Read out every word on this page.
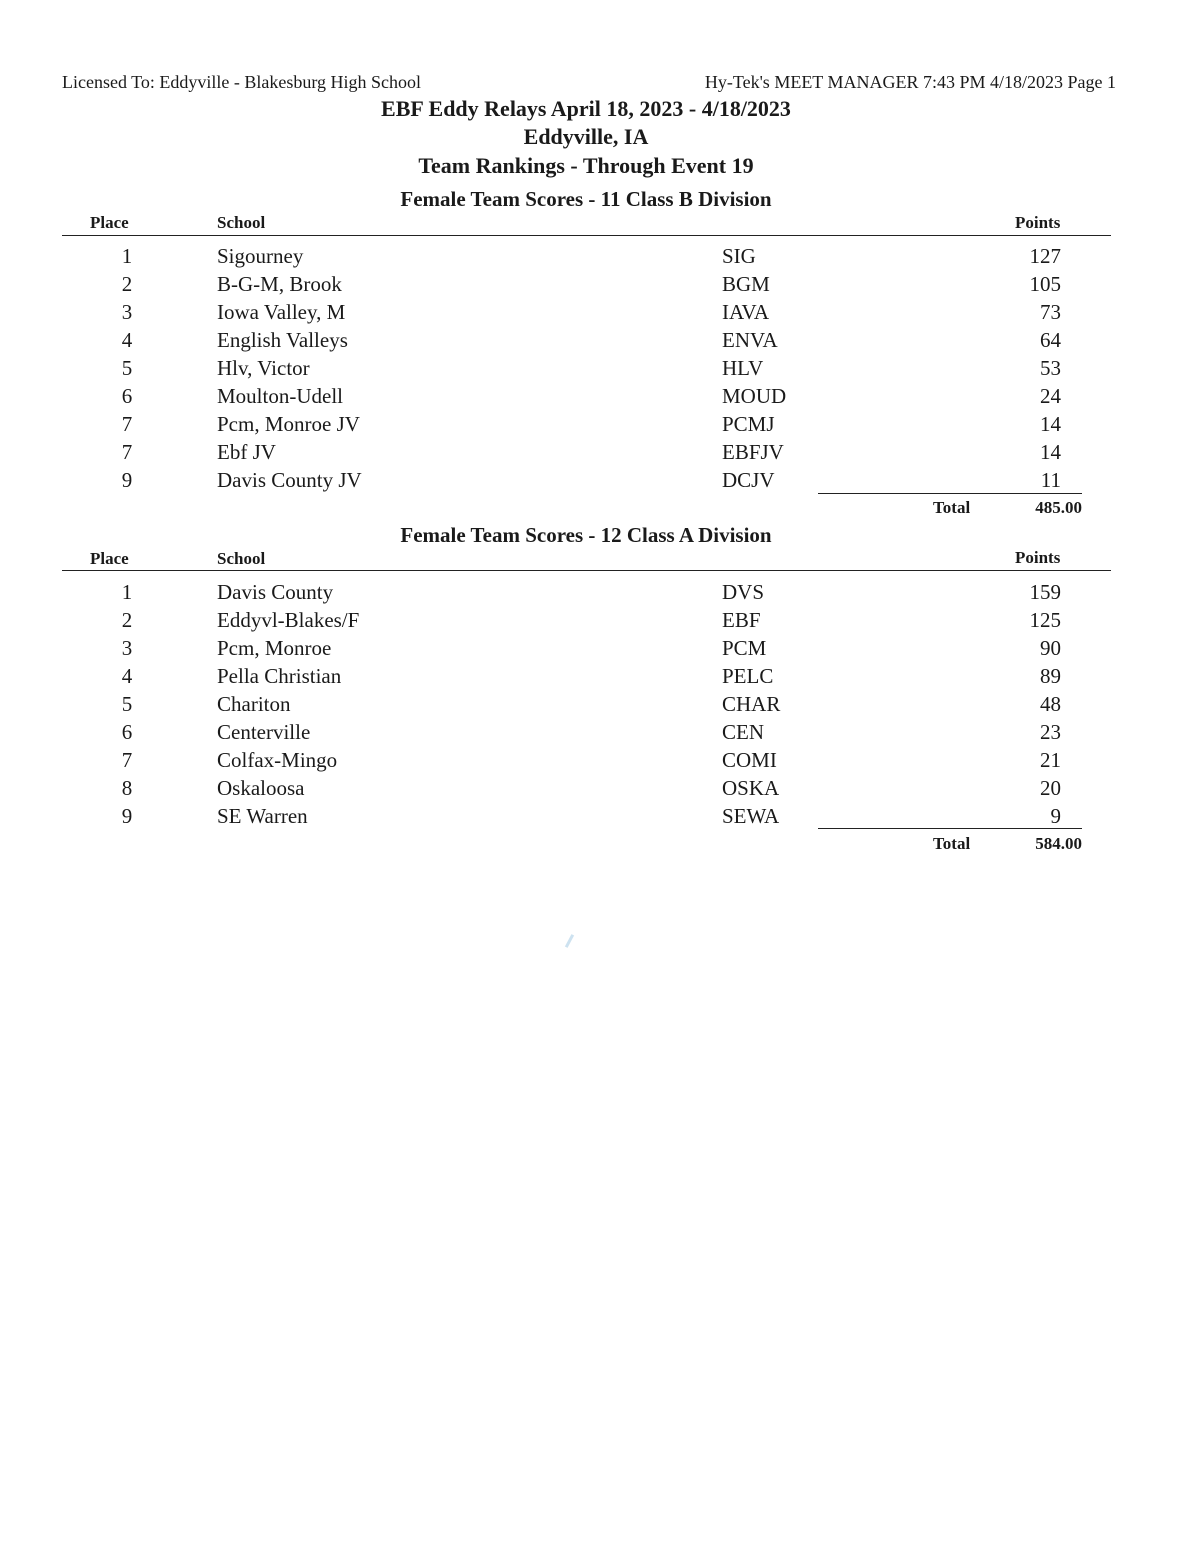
Licensed To: Eddyville - Blakesburg High School	Hy-Tek's MEET MANAGER 7:43 PM 4/18/2023 Page 1
EBF Eddy Relays April 18, 2023 - 4/18/2023
Eddyville, IA
Team Rankings - Through Event 19
Female Team Scores - 11 Class B Division
Place	School	Points
1	Sigourney	SIG	127
2	B-G-M, Brook	BGM	105
3	Iowa Valley, M	IAVA	73
4	English Valleys	ENVA	64
5	Hlv, Victor	HLV	53
6	Moulton-Udell	MOUD	24
7	Pcm, Monroe JV	PCMJ	14
7	Ebf JV	EBFJV	14
9	Davis County JV	DCJV	11
Total	485.00
Female Team Scores - 12 Class A Division
Place	School	Points
1	Davis County	DVS	159
2	Eddyvl-Blakes/F	EBF	125
3	Pcm, Monroe	PCM	90
4	Pella Christian	PELC	89
5	Chariton	CHAR	48
6	Centerville	CEN	23
7	Colfax-Mingo	COMI	21
8	Oskaloosa	OSKA	20
9	SE Warren	SEWA	9
Total	584.00
